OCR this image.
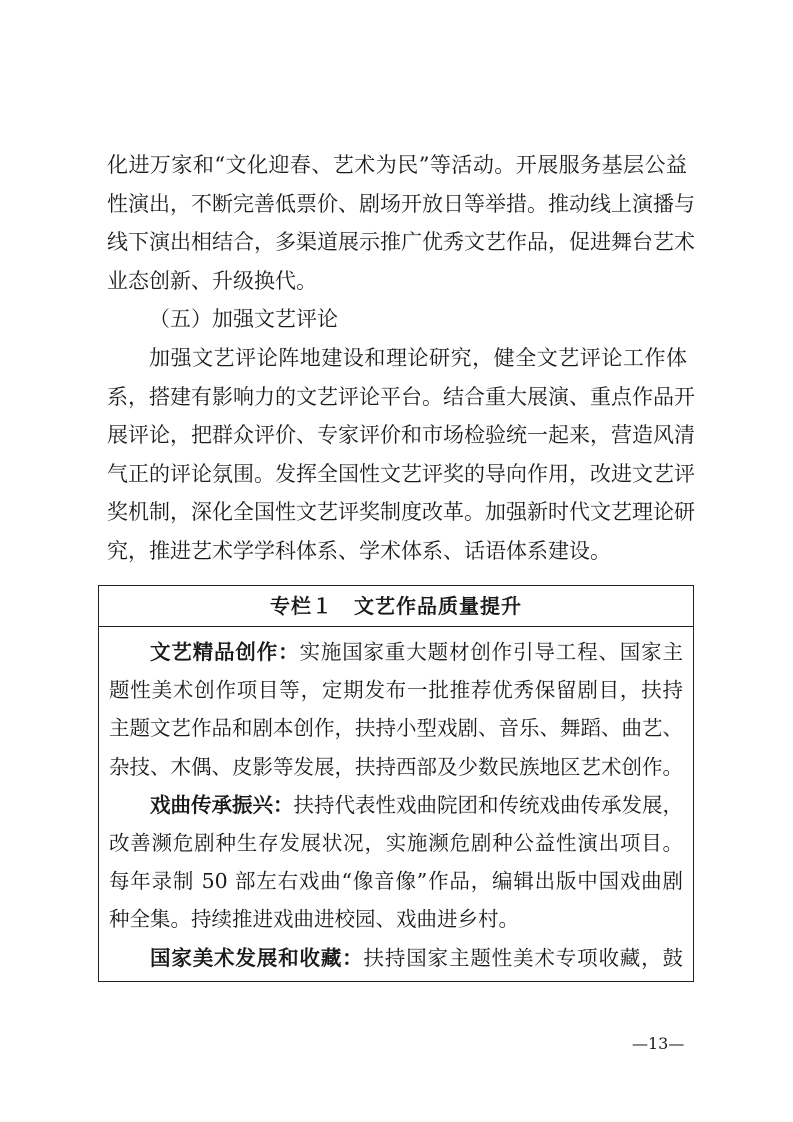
化进万家和“文化迎春、艺术为民”等活动。开展服务基层公益
性演出，不断完善低票价、剧场开放日等举措。推动线上演播与
线下演出相结合，多渠道展示推广优秀文艺作品，促进舞台艺术
业态创新、升级换代。

（五）加强文艺评论

加强文艺评论阵地建设和理论研究，健全文艺评论工作体
系，搭建有影响力的文艺评论平台。结合重大展演、重点作品开
展评论，把群众评价、专家评价和市场检验统一起来，营造风清
气正的评论氛围。发挥全国性文艺评奖的导向作用，改进文艺评
奖机制，深化全国性文艺评奖制度改革。加强新时代文艺理论研
究，推进艺术学学科体系、学术体系、话语体系建设。

专栏１　文艺作品质量提升

文艺精品创作：实施国家重大题材创作引导工程、国家主
题性美术创作项目等，定期发布一批推荐优秀保留剧目，扶持
主题文艺作品和剧本创作，扶持小型戏剧、音乐、舞蹈、曲艺、
杂技、木偶、皮影等发展，扶持西部及少数民族地区艺术创作。

戏曲传承振兴：扶持代表性戏曲院团和传统戏曲传承发展，
改善濒危剧种生存发展状况，实施濒危剧种公益性演出项目。
每年录制 50 部左右戏曲“像音像”作品，编辑出版中国戏曲剧
种全集。持续推进戏曲进校园、戏曲进乡村。

国家美术发展和收藏：扶持国家主题性美术专项收藏，鼓

—13—
